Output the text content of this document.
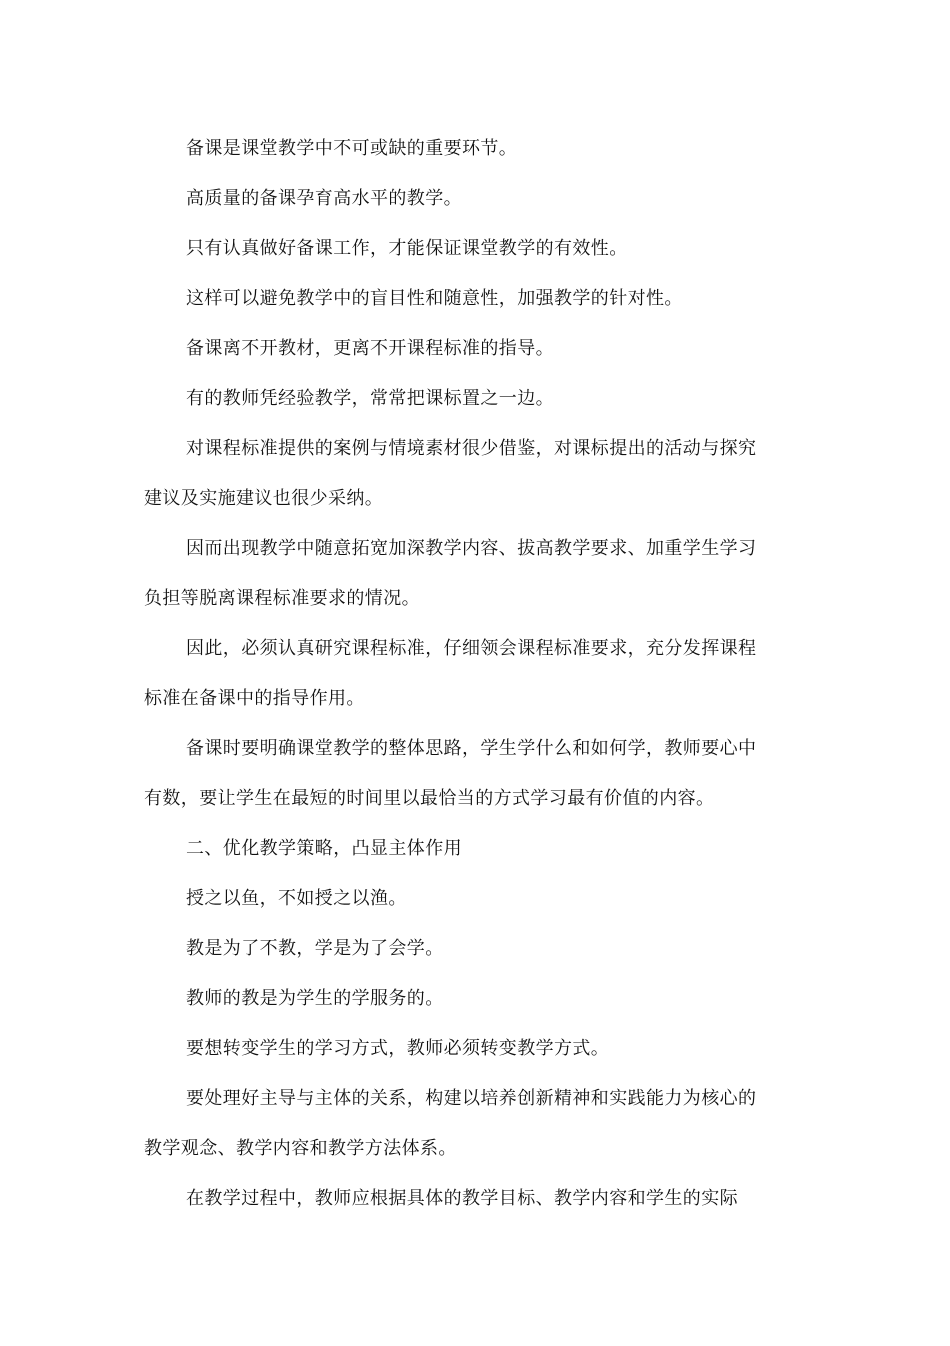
备课是课堂教学中不可或缺的重要环节。

高质量的备课孕育高水平的教学。

只有认真做好备课工作，才能保证课堂教学的有效性。

这样可以避免教学中的盲目性和随意性，加强教学的针对性。

备课离不开教材，更离不开课程标准的指导。

有的教师凭经验教学，常常把课标置之一边。

对课程标准提供的案例与情境素材很少借鉴，对课标提出的活动与探究建议及实施建议也很少采纳。

因而出现教学中随意拓宽加深教学内容、拔高教学要求、加重学生学习负担等脱离课程标准要求的情况。

因此，必须认真研究课程标准，仔细领会课程标准要求，充分发挥课程标准在备课中的指导作用。

备课时要明确课堂教学的整体思路，学生学什么和如何学，教师要心中有数，要让学生在最短的时间里以最恰当的方式学习最有价值的内容。

二、优化教学策略，凸显主体作用

授之以鱼，不如授之以渔。

教是为了不教，学是为了会学。

教师的教是为学生的学服务的。

要想转变学生的学习方式，教师必须转变教学方式。

要处理好主导与主体的关系，构建以培养创新精神和实践能力为核心的教学观念、教学内容和教学方法体系。

在教学过程中，教师应根据具体的教学目标、教学内容和学生的实际
